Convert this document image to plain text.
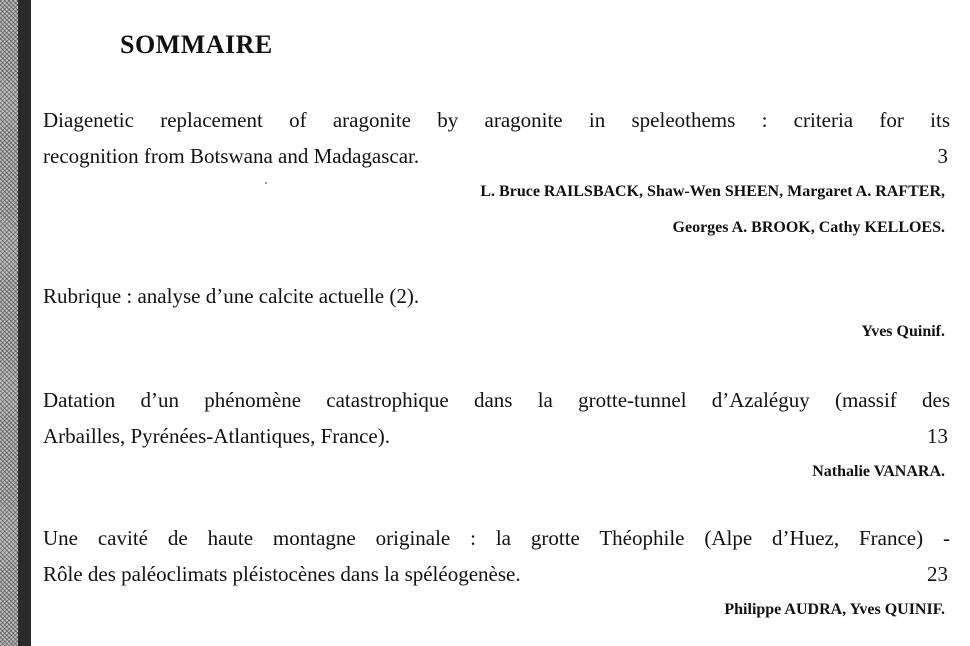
SOMMAIRE
Diagenetic replacement of aragonite by aragonite in speleothems : criteria for its
recognition from Botswana and Madagascar.	3
L. Bruce RAILSBACK, Shaw-Wen SHEEN, Margaret A. RAFTER,
Georges A. BROOK, Cathy KELLOES.
Rubrique : analyse d’une calcite actuelle (2).
Yves Quinif.
Datation d’un phénomène catastrophique dans la grotte-tunnel d’Azaléguy (massif des
Arbailles, Pyrénées-Atlantiques, France).	13
Nathalie VANARA.
Une cavité de haute montagne originale : la grotte Théophile (Alpe d’Huez, France) -
Rôle des paléoclimats pléistocènes dans la spéléogenèse.	23
Philippe AUDRA, Yves QUINIF.
